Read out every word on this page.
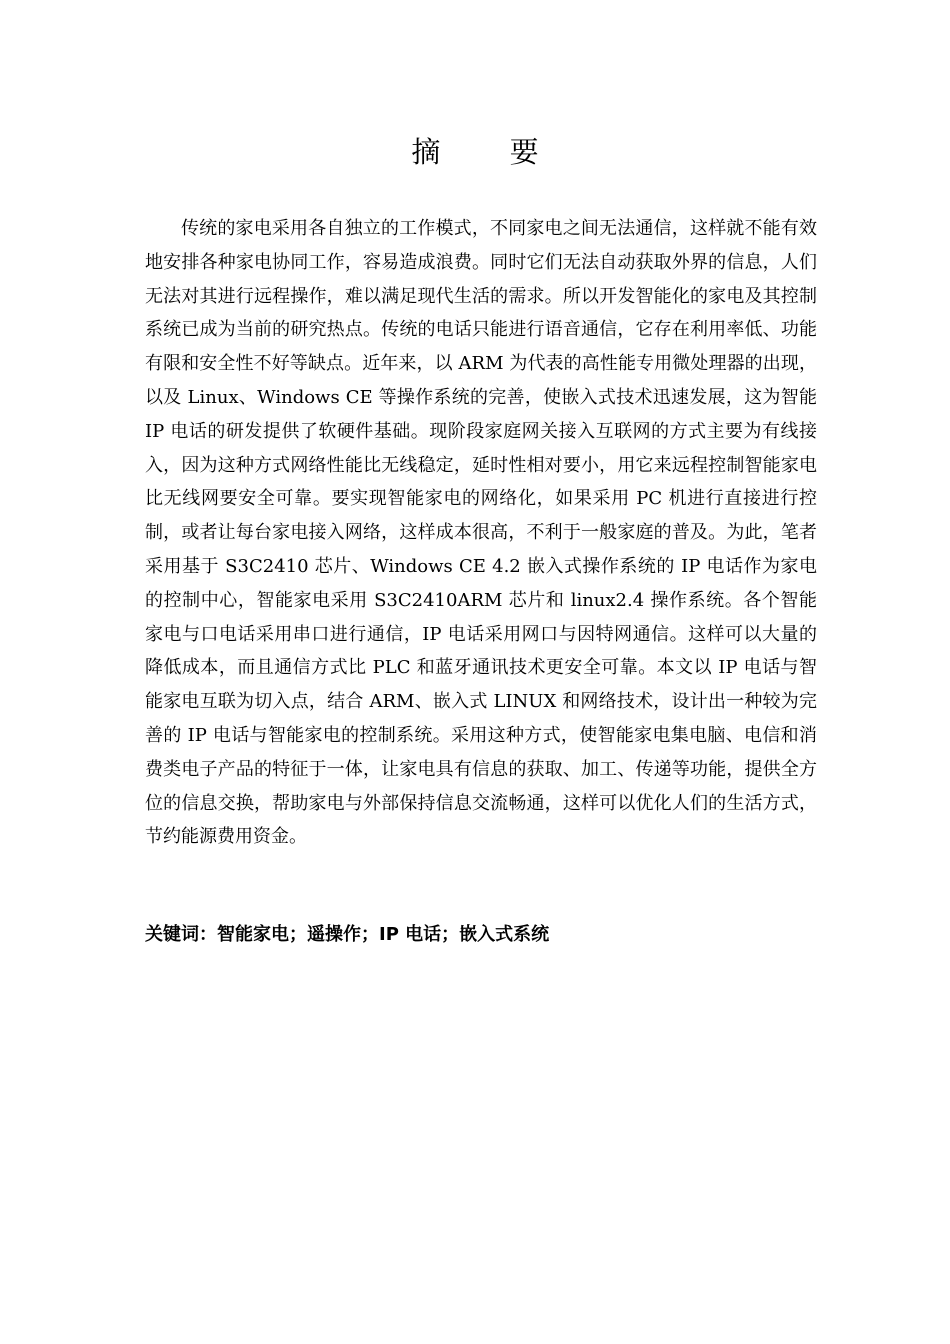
摘 要

传统的家电采用各自独立的工作模式，不同家电之间无法通信，这样就不能有效地安排各种家电协同工作，容易造成浪费。同时它们无法自动获取外界的信息，人们无法对其进行远程操作，难以满足现代生活的需求。所以开发智能化的家电及其控制系统已成为当前的研究热点。传统的电话只能进行语音通信，它存在利用率低、功能有限和安全性不好等缺点。近年来，以 ARM 为代表的高性能专用微处理器的出现，以及 Linux、Windows CE 等操作系统的完善，使嵌入式技术迅速发展，这为智能 IP 电话的研发提供了软硬件基础。现阶段家庭网关接入互联网的方式主要为有线接入，因为这种方式网络性能比无线稳定，延时性相对要小，用它来远程控制智能家电比无线网要安全可靠。要实现智能家电的网络化，如果采用 PC 机进行直接进行控制，或者让每台家电接入网络，这样成本很高，不利于一般家庭的普及。为此，笔者采用基于 S3C2410 芯片、Windows CE 4.2 嵌入式操作系统的 IP 电话作为家电的控制中心，智能家电采用 S3C2410ARM 芯片和 linux2.4 操作系统。各个智能家电与口电话采用串口进行通信，IP 电话采用网口与因特网通信。这样可以大量的降低成本，而且通信方式比 PLC 和蓝牙通讯技术更安全可靠。本文以 IP 电话与智能家电互联为切入点，结合 ARM、嵌入式 LINUX 和网络技术，设计出一种较为完善的 IP 电话与智能家电的控制系统。采用这种方式，使智能家电集电脑、电信和消费类电子产品的特征于一体，让家电具有信息的获取、加工、传递等功能，提供全方位的信息交换，帮助家电与外部保持信息交流畅通，这样可以优化人们的生活方式，节约能源费用资金。

关键词：智能家电；遥操作；IP 电话；嵌入式系统
